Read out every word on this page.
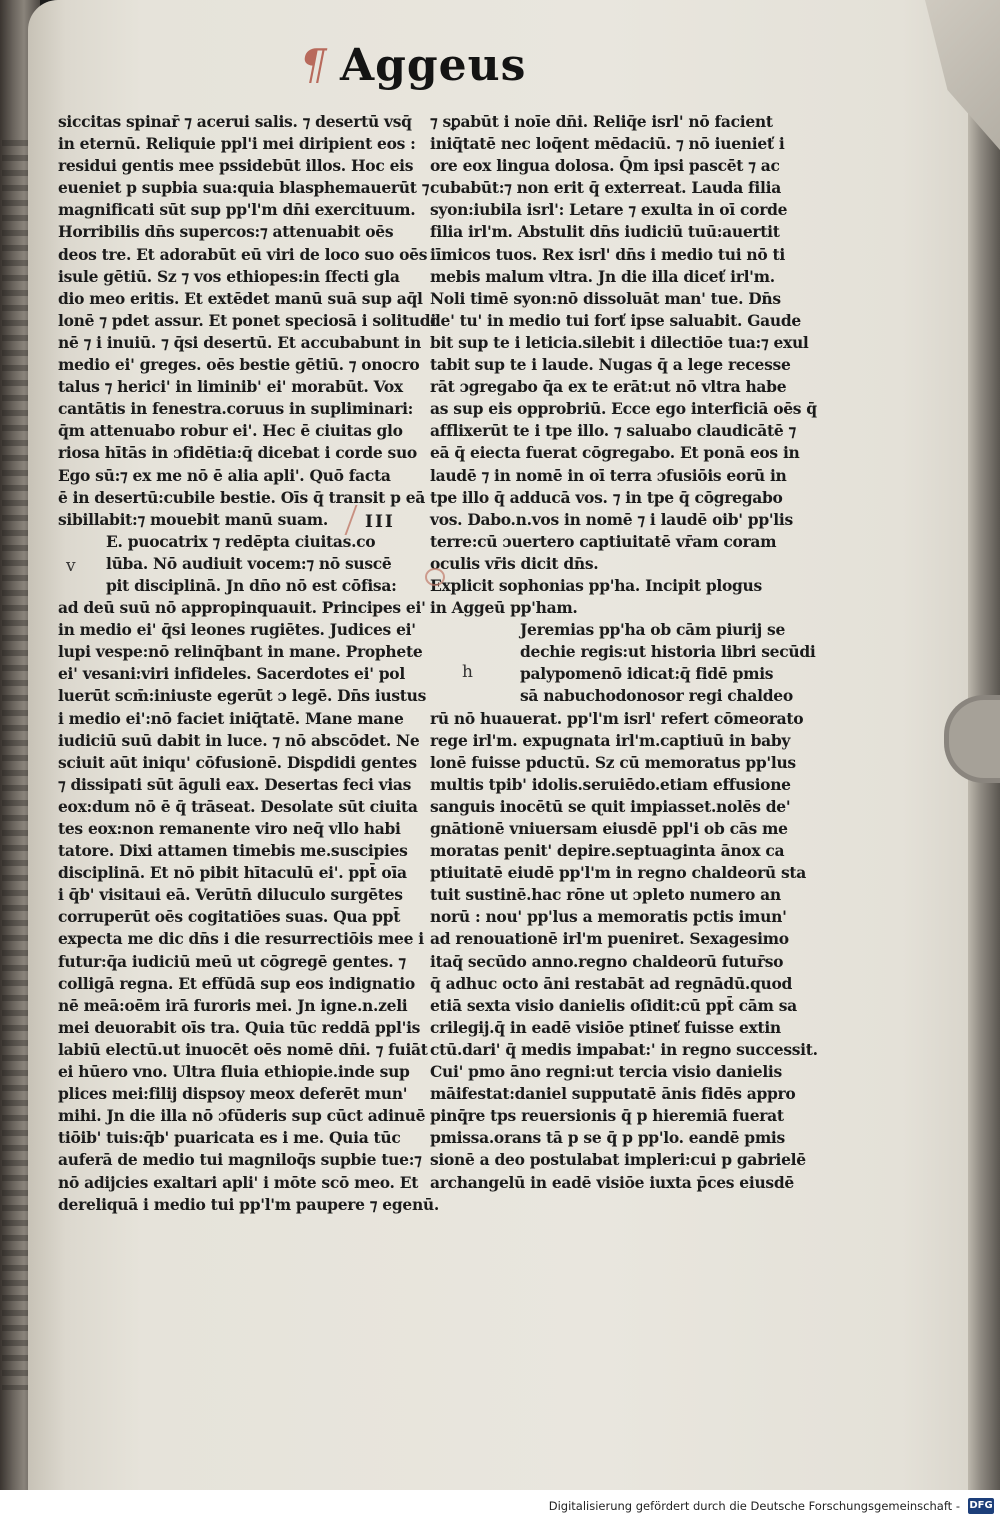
¶ Aggeus
siccitas spinar̄ ⁊ acerui salis. ⁊ desertū vsq̄
in eternū. Reliquie ppl'i mei diripient eos :
residui gentis mee pssidebūt illos. Hoc eis
eueniet p supbia sua:quia blasphemauerūt ⁊
magnificati sūt sup pp'l'm dn̄i exercituum.
Horribilis dn̄s supercos:⁊ attenuabit oēs
deos tre. Et adorabūt eū viri de loco suo oēs
isule gētiū. Sz ⁊ vos ethiopes:in ſfecti gla
dio meo eritis. Et extēdet manū suā sup aq̄l
lonē ⁊ pdet assur. Et ponet speciosā i solitudi
nē ⁊ i inuiū. ⁊ q̄si desertū. Et accubabunt in
medio ei' greges. oēs bestie gētiū. ⁊ onocro
talus ⁊ herici' in liminib' ei' morabūt. Vox
cantātis in fenestra.coruus in supliminari:
q̄m attenuabo robur ei'. Hec ē ciuitas glo
riosa hītās in ɔfidētia:q̄ dicebat i corde suo
Ego sū:⁊ ex me nō ē alia apli'. Quō facta
ē in desertū:cubile bestie. Oīs q̄ transit p eā
sibillabit:⁊ mouebit manū suam.
E. puocatrix ⁊ redēpta ciuitas.co
lūba. Nō audiuit vocem:⁊ nō suscē
pit disciplinā. Jn dn̄o nō est cōfisa:
ad deū suū nō appropinquauit. Principes ei'
in medio ei' q̄si leones rugiētes. Judices ei'
lupi vespe:nō relinq̄bant in mane. Prophete
ei' vesani:viri infideles. Sacerdotes ei' pol
luerūt scm̄:iniuste egerūt ɔ legē. Dn̄s iustus
i medio ei':nō faciet iniq̄tatē. Mane mane
iudiciū suū dabit in luce. ⁊ nō abscōdet. Ne
sciuit aūt iniqu' cōfusionē. Disꝑdidi gentes
⁊ dissipati sūt āguli eax. Desertas feci vias
eox:dum nō ē q̄ trāseat. Desolate sūt ciuita
tes eox:non remanente viro neq̄ vllo habi
tatore. Dixi attamen timebis me.suscipies
disciplinā. Et nō pibit hītaculū ei'. ppt̄ oīa
i q̄b' visitaui eā. Verūtn̄ diluculo surgētes
corruperūt oēs cogitatiōes suas. Qua ppt̄
expecta me dic dn̄s i die resurrectiōis mee i
futur:q̄a iudiciū meū ut cōgregē gentes. ⁊
colligā regna. Et effūdā sup eos indignatio
nē meā:oēm irā furoris mei. Jn igne.n.zeli
mei deuorabit oīs tra. Quia tūc reddā ppl'is
labiū electū.ut inuocēt oēs nomē dn̄i. ⁊ fuiāt
ei hūero vno. Ultra fluia ethiopie.inde sup
plices mei:filij dispsoy meox deferēt mun'
mihi. Jn die illa nō ɔfūderis sup cūct adinuē
tiōib' tuis:q̄b' puaricata es i me. Quia tūc
auferā de medio tui magniloq̄s supbie tue:⁊
nō adijcies exaltari apli' i mōte scō meo. Et
dereliquā i medio tui pp'l'm paupere ⁊ egenū.
⁊ sꝑabūt i noīe dn̄i. Reliq̄e isrl' nō facient
iniq̄tatē nec loq̄ent mēdaciū. ⁊ nō iuenieť i
ore eox lingua dolosa. Q̄m ipsi pascēt ⁊ ac
cubabūt:⁊ non erit q̄ exterreat. Lauda filia
syon:iubila isrl': Letare ⁊ exulta in oī corde
filia irl'm. Abstulit dn̄s iudiciū tuū:auertit
iīmicos tuos. Rex isrl' dn̄s i medio tui nō ti
mebis malum vltra. Jn die illa diceť irl'm.
Noli timē syon:nō dissoluāt man' tue. Dn̄s
de' tu' in medio tui forť ipse saluabit. Gaude
bit sup te i leticia.silebit i dilectiōe tua:⁊ exul
tabit sup te i laude. Nugas q̄ a lege recesse
rāt ɔgregabo q̄a ex te erāt:ut nō vltra habe
as sup eis opprobriū. Ecce ego interficiā oēs q̄
afflixerūt te i tpe illo. ⁊ saluabo claudicātē ⁊
eā q̄ eiecta fuerat cōgregabo. Et ponā eos in
laudē ⁊ in nomē in oī terra ɔfusiōis eorū in
tpe illo q̄ adducā vos. ⁊ in tpe q̄ cōgregabo
vos. Dabo.n.vos in nomē ⁊ i laudē oib' pp'lis
terre:cū ɔuertero captiuitatē vr̄am coram
oculis vr̄is dicit dn̄s.
Explicit sophonias pp'ha. Incipit plogus
in Aggeū pp'ham.
Jeremias pp'ha ob cām piurij se
dechie regis:ut historia libri secūdi
palypomenō idicat:q̄ fidē pmis
sā nabuchodonosor regi chaldeo
rū nō huauerat. pp'l'm isrl' refert cōmeorato
rege irl'm. expugnata irl'm.captiuū in baby
lonē fuisse pductū. Sz cū memoratus pp'lus
multis tpib' idolis.seruiēdo.etiam effusione
sanguis inocētū se ɋuit impiasset.nolēs de'
gnātionē vniuersam eiusdē ppl'i ob cās me
moratas penit' depire.septuaginta ānox ca
ptiuitatē eiudē pp'l'm in regno chaldeorū sta
tuit sustinē.hac rōne ut ɔpleto numero an
norū : nou' pp'lus a memoratis pctis imun'
ad renouationē irl'm pueniret. Sexagesimo
itaq̄ secūdo anno.regno chaldeorū futur̄so
q̄ adhuc octo āni restabāt ad regnādū.quod
etiā sexta visio danielis oſidit:cū ppt̄ cām sa
crilegij.q̄ in eadē visiōe ptineť fuisse extin
ctū.dari' q̄ medis impabat:' in regno successit.
Cui' pmo āno regni:ut tercia visio danielis
māifestat:daniel supputatē ānis fidēs appro
pinq̄re tps reuersionis q̄ p hieremiā fuerat
pmissa.orans tā p se q̄ p pp'lo. eandē pmis
sionē a deo postulabat impleri:cui p gabrielē
archangelū in eadē visiōe iuxta p̄ces eiusdē
III
v
h
Digitalisierung gefördert durch die Deutsche Forschungsgemeinschaft - DFG
